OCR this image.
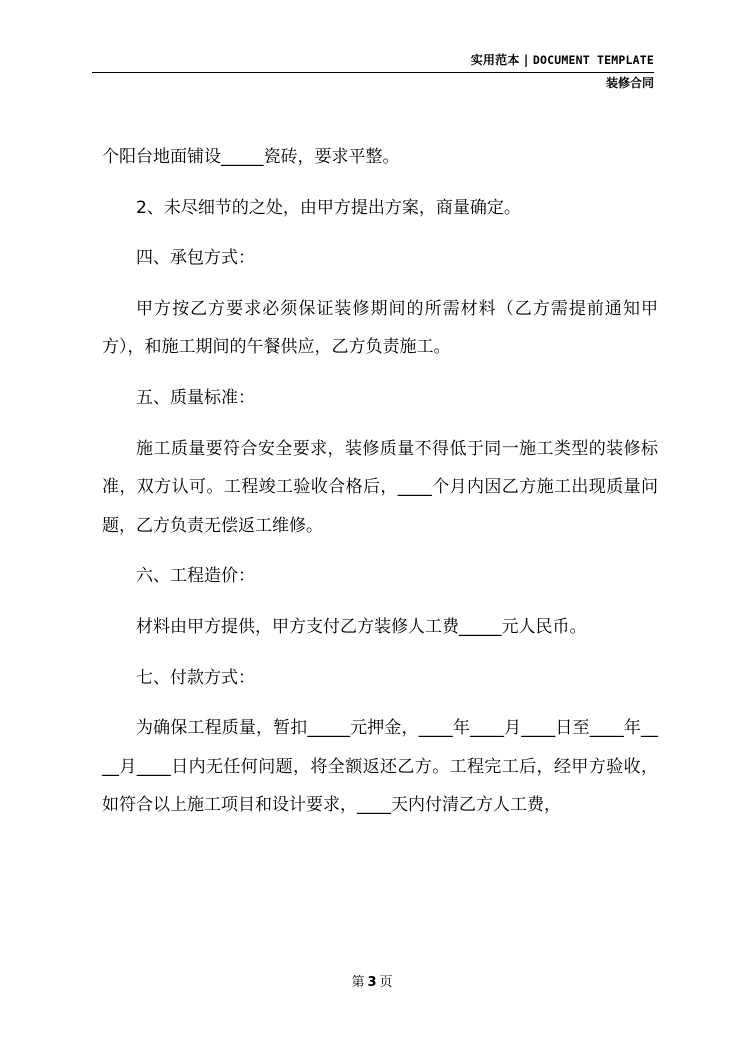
实用范本 | DOCUMENT TEMPLATE
装修合同

个阳台地面铺设_____瓷砖，要求平整。

2、未尽细节的之处，由甲方提出方案，商量确定。

四、承包方式：

甲方按乙方要求必须保证装修期间的所需材料（乙方需提前通知甲方），和施工期间的午餐供应，乙方负责施工。

五、质量标准：

施工质量要符合安全要求，装修质量不得低于同一施工类型的装修标准，双方认可。工程竣工验收合格后，____个月内因乙方施工出现质量问题，乙方负责无偿返工维修。

六、工程造价：

材料由甲方提供，甲方支付乙方装修人工费_____元人民币。

七、付款方式：

为确保工程质量，暂扣_____元押金，____年____月____日至____年____月____日内无任何问题，将全额返还乙方。工程完工后，经甲方验收，如符合以上施工项目和设计要求，____天内付清乙方人工费，

第 3 页
